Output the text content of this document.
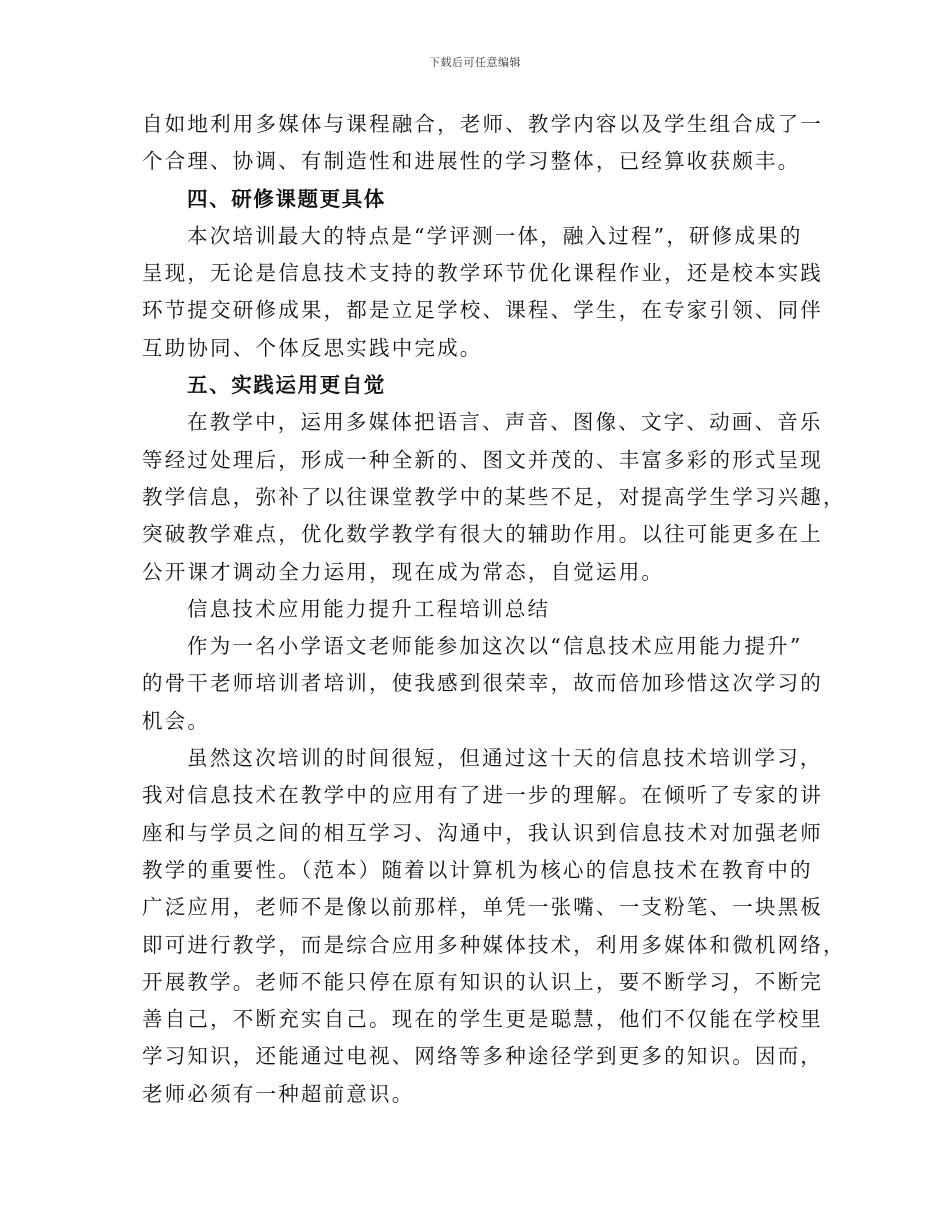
下载后可任意编辑
自如地利用多媒体与课程融合，老师、教学内容以及学生组合成了一
个合理、协调、有制造性和进展性的学习整体，已经算收获颇丰。
四、研修课题更具体
本次培训最大的特点是“学评测一体，融入过程”，研修成果的
呈现，无论是信息技术支持的教学环节优化课程作业，还是校本实践
环节提交研修成果，都是立足学校、课程、学生，在专家引领、同伴
互助协同、个体反思实践中完成。
五、实践运用更自觉
在教学中，运用多媒体把语言、声音、图像、文字、动画、音乐
等经过处理后，形成一种全新的、图文并茂的、丰富多彩的形式呈现
教学信息，弥补了以往课堂教学中的某些不足，对提高学生学习兴趣，
突破教学难点，优化数学教学有很大的辅助作用。以往可能更多在上
公开课才调动全力运用，现在成为常态，自觉运用。
信息技术应用能力提升工程培训总结
作为一名小学语文老师能参加这次以“信息技术应用能力提升”
的骨干老师培训者培训，使我感到很荣幸，故而倍加珍惜这次学习的
机会。
虽然这次培训的时间很短，但通过这十天的信息技术培训学习，
我对信息技术在教学中的应用有了进一步的理解。在倾听了专家的讲
座和与学员之间的相互学习、沟通中，我认识到信息技术对加强老师
教学的重要性。（范本）随着以计算机为核心的信息技术在教育中的
广泛应用，老师不是像以前那样，单凭一张嘴、一支粉笔、一块黑板
即可进行教学，而是综合应用多种媒体技术，利用多媒体和微机网络，
开展教学。老师不能只停在原有知识的认识上，要不断学习，不断完
善自己，不断充实自己。现在的学生更是聪慧，他们不仅能在学校里
学习知识，还能通过电视、网络等多种途径学到更多的知识。因而，
老师必须有一种超前意识。
